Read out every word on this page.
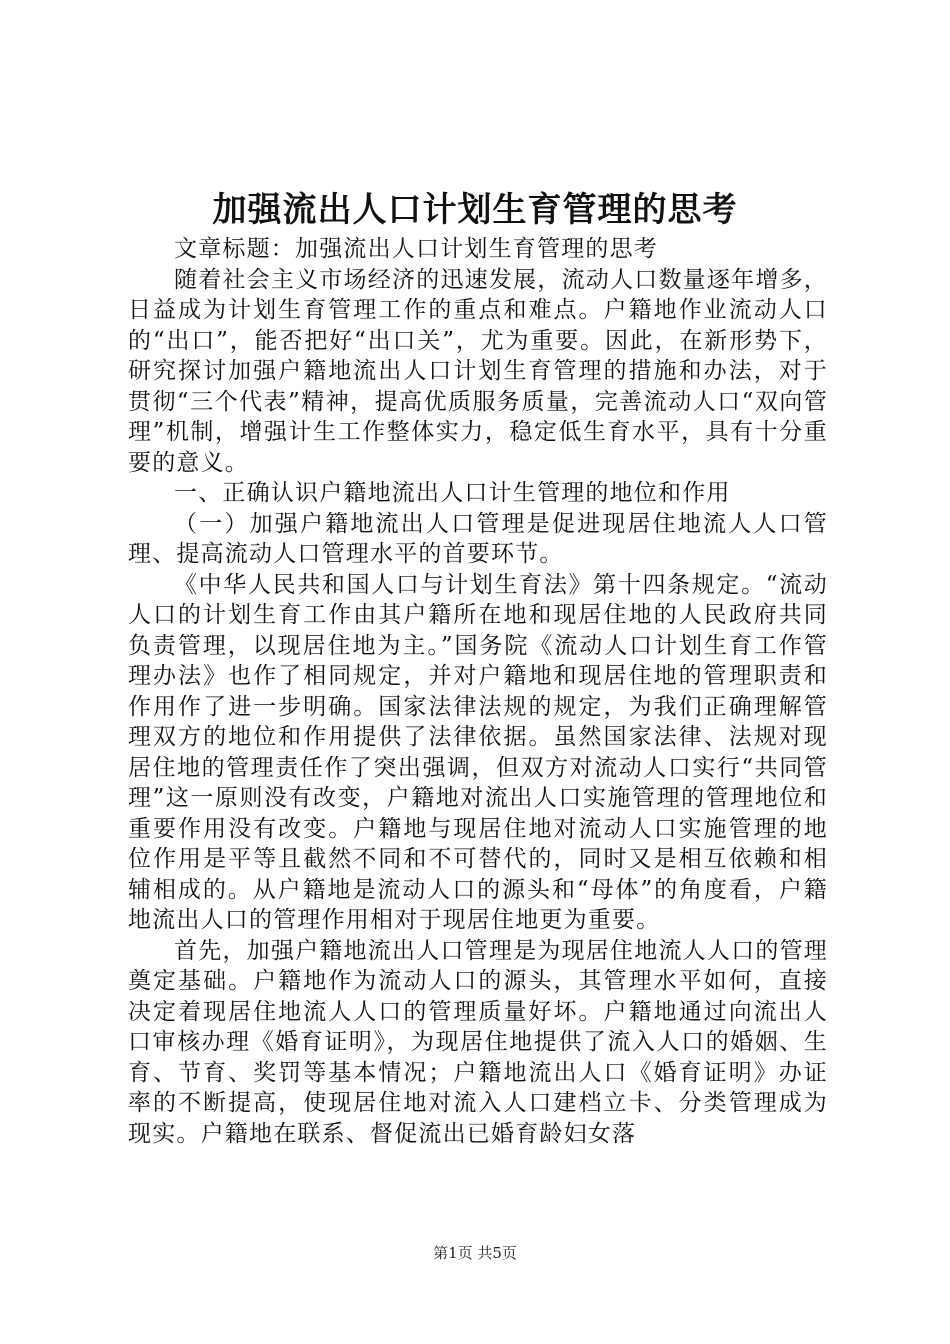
加强流出人口计划生育管理的思考

文章标题：加强流出人口计划生育管理的思考

随着社会主义市场经济的迅速发展，流动人口数量逐年增多，日益成为计划生育管理工作的重点和难点。户籍地作业流动人口的“出口”，能否把好“出口关”，尤为重要。因此，在新形势下，研究探讨加强户籍地流出人口计划生育管理的措施和办法，对于贯彻“三个代表”精神，提高优质服务质量，完善流动人口“双向管理”机制，增强计生工作整体实力，稳定低生育水平，具有十分重要的意义。

一、正确认识户籍地流出人口计生管理的地位和作用

（一）加强户籍地流出人口管理是促进现居住地流人人口管理、提高流动人口管理水平的首要环节。

《中华人民共和国人口与计划生育法》第十四条规定。“流动人口的计划生育工作由其户籍所在地和现居住地的人民政府共同负责管理，以现居住地为主。”国务院《流动人口计划生育工作管理办法》也作了相同规定，并对户籍地和现居住地的管理职责和作用作了进一步明确。国家法律法规的规定，为我们正确理解管理双方的地位和作用提供了法律依据。虽然国家法律、法规对现居住地的管理责任作了突出强调，但双方对流动人口实行“共同管理”这一原则没有改变，户籍地对流出人口实施管理的管理地位和重要作用没有改变。户籍地与现居住地对流动人口实施管理的地位作用是平等且截然不同和不可替代的，同时又是相互依赖和相辅相成的。从户籍地是流动人口的源头和“母体”的角度看，户籍地流出人口的管理作用相对于现居住地更为重要。

首先，加强户籍地流出人口管理是为现居住地流人人口的管理奠定基础。户籍地作为流动人口的源头，其管理水平如何，直接决定着现居住地流人人口的管理质量好坏。户籍地通过向流出人口审核办理《婚育证明》，为现居住地提供了流入人口的婚姻、生育、节育、奖罚等基本情况；户籍地流出人口《婚育证明》办证率的不断提高，使现居住地对流入人口建档立卡、分类管理成为现实。户籍地在联系、督促流出已婚育龄妇女落

第1页 共5页
